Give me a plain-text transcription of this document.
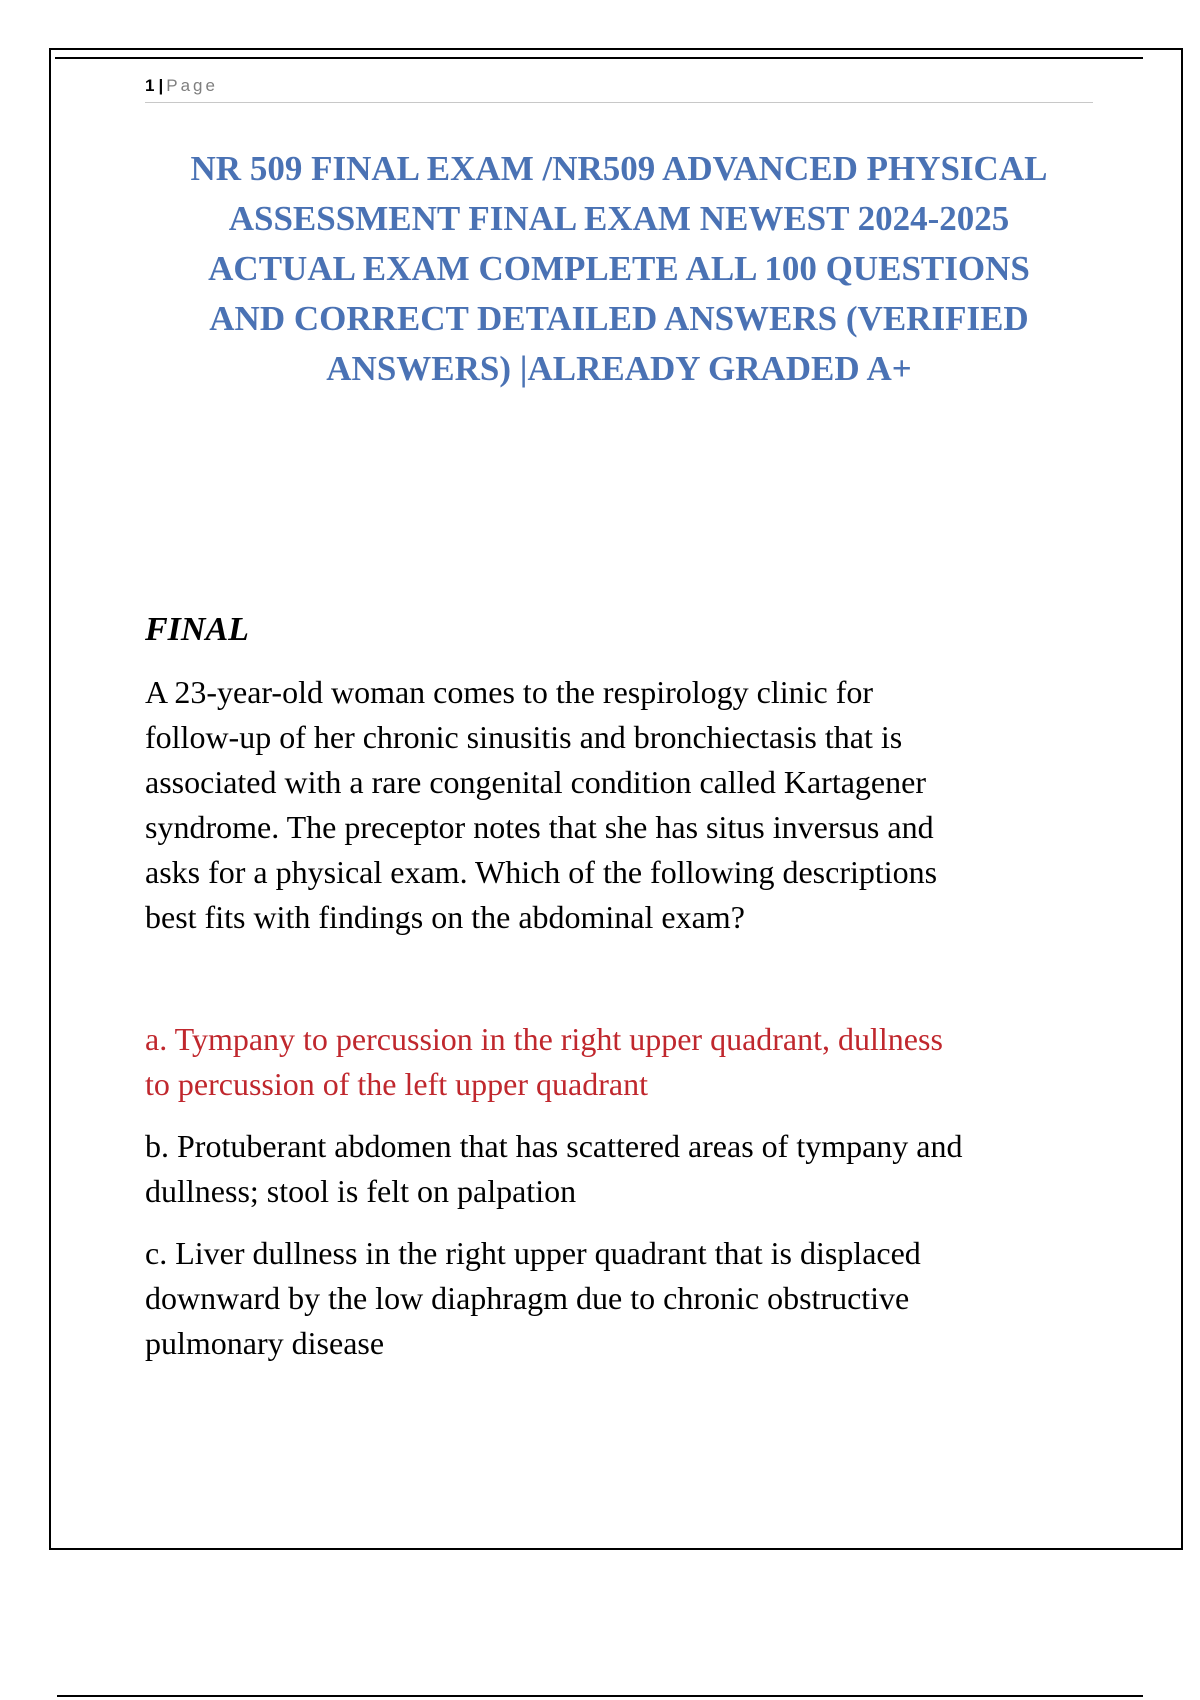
1 | Page
NR 509 FINAL EXAM /NR509 ADVANCED PHYSICAL
ASSESSMENT FINAL EXAM NEWEST 2024-2025
ACTUAL EXAM COMPLETE ALL 100 QUESTIONS
AND CORRECT DETAILED ANSWERS (VERIFIED
ANSWERS) |ALREADY GRADED A+
FINAL

A 23-year-old woman comes to the respirology clinic for
follow-up of her chronic sinusitis and bronchiectasis that is
associated with a rare congenital condition called Kartagener
syndrome. The preceptor notes that she has situs inversus and
asks for a physical exam. Which of the following descriptions
best fits with findings on the abdominal exam?

a. Tympany to percussion in the right upper quadrant, dullness
to percussion of the left upper quadrant

b. Protuberant abdomen that has scattered areas of tympany and
dullness; stool is felt on palpation

c. Liver dullness in the right upper quadrant that is displaced
downward by the low diaphragm due to chronic obstructive
pulmonary disease
